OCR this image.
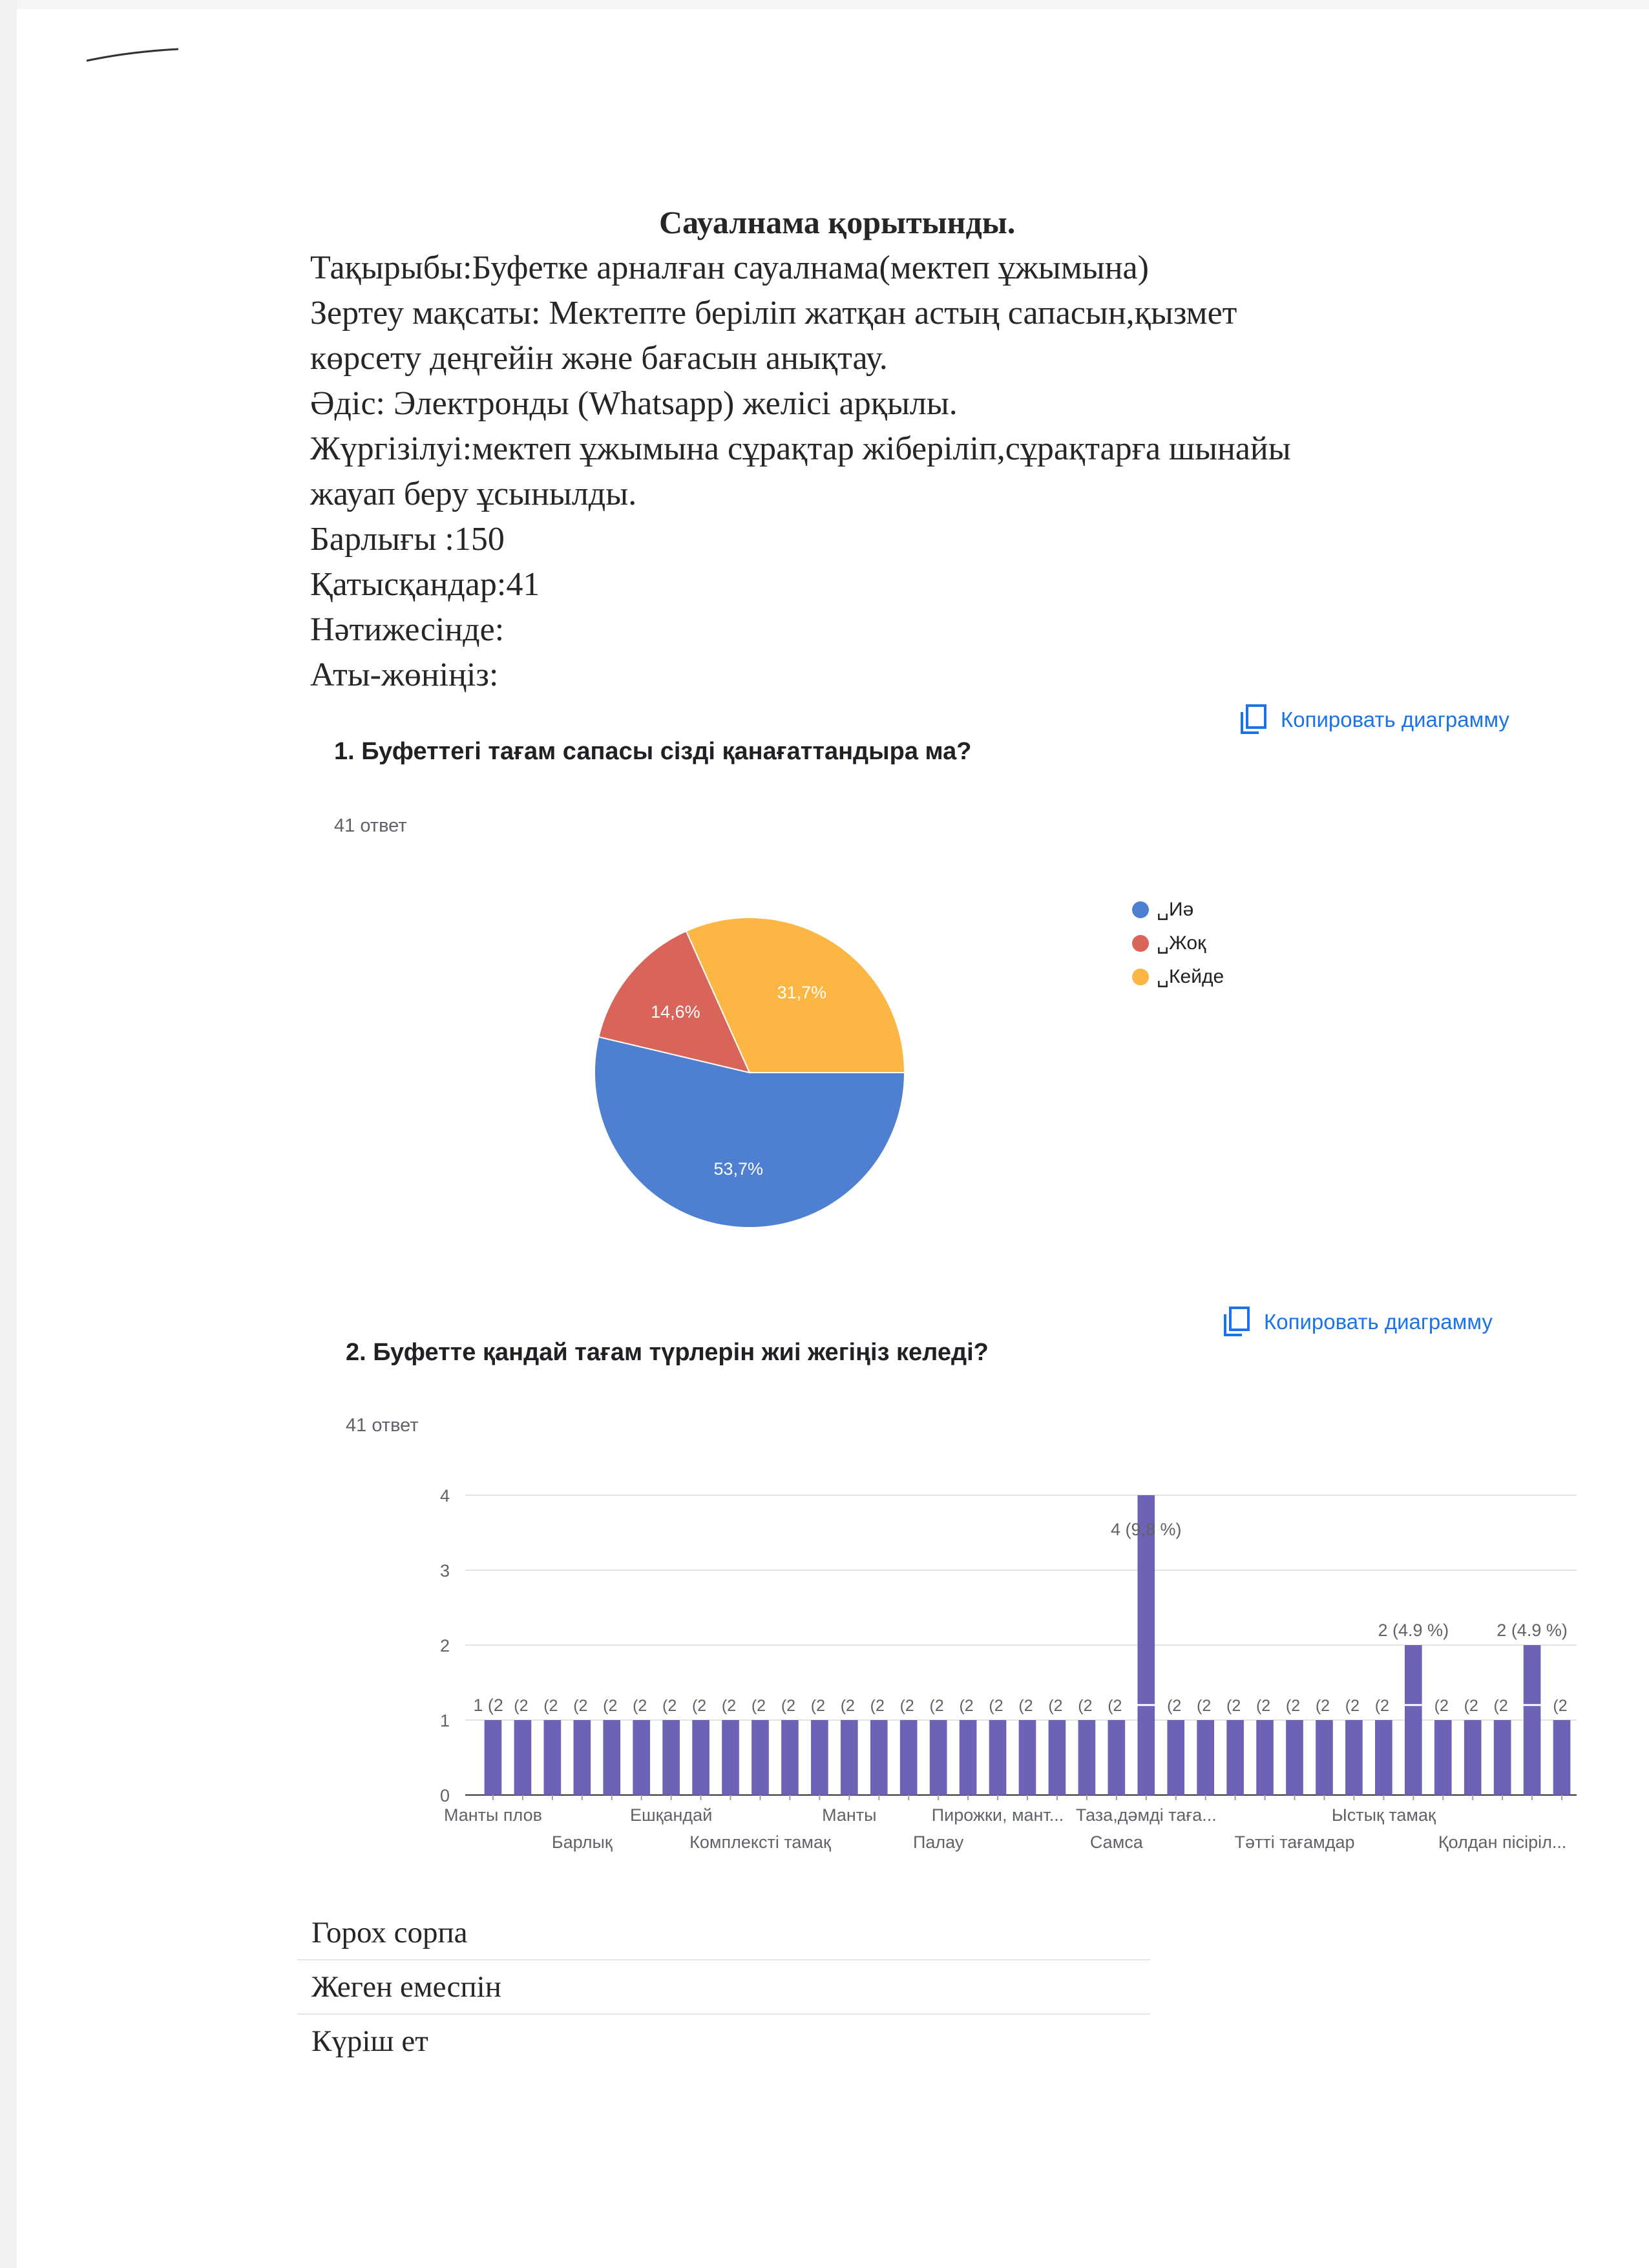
Сауалнама қорытынды.
Тақырыбы:Буфетке арналған сауалнама(мектеп ұжымына)
Зертеу мақсаты: Мектепте беріліп жатқан астың сапасын,қызмет
көрсету деңгейін және бағасын анықтау.
Әдіс: Электронды (Whatsapp) желісі арқылы.
Жүргізілуі:мектеп ұжымына сұрақтар жіберіліп,сұрақтарға шынайы
жауап беру ұсынылды.
Барлығы :150
Қатысқандар:41
Нәтижесінде:
Аты-жөніңіз:
Копировать диаграмму
1. Буфеттегі тағам сапасы сізді қанағаттандыра ма?
41 ответ
53,7%
14,6%
31,7%
␣Иә
␣Жоқ
␣Кейде
Копировать диаграмму
2. Буфетте қандай тағам түрлерін жиі жегіңіз келеді?
41 ответ
0
1
2
3
4
1 (2  (2  (2  (2  (2  (2  (2  (2  (2  (2  (2  (2  (2  (2  (2  (2  (2  (2  (2  (2  (2  (2 
4 (9,8 %)
(2  (2  (2  (2  (2  (2  (2  (2 
2 (4.9 %)
(2  (2  (2 
2 (4.9 %)
(2 
Манты плов	Ешқандай	Манты	Пирожки, мант... Таза,дәмді тағa...	Ыстық тамақ
Барлық	Комплексті тамақ	Палау	Самса	Тәтті тағамдар	Қолдан пісіріл...
Горох сорпа
Жеген емеспін
Күріш ет
